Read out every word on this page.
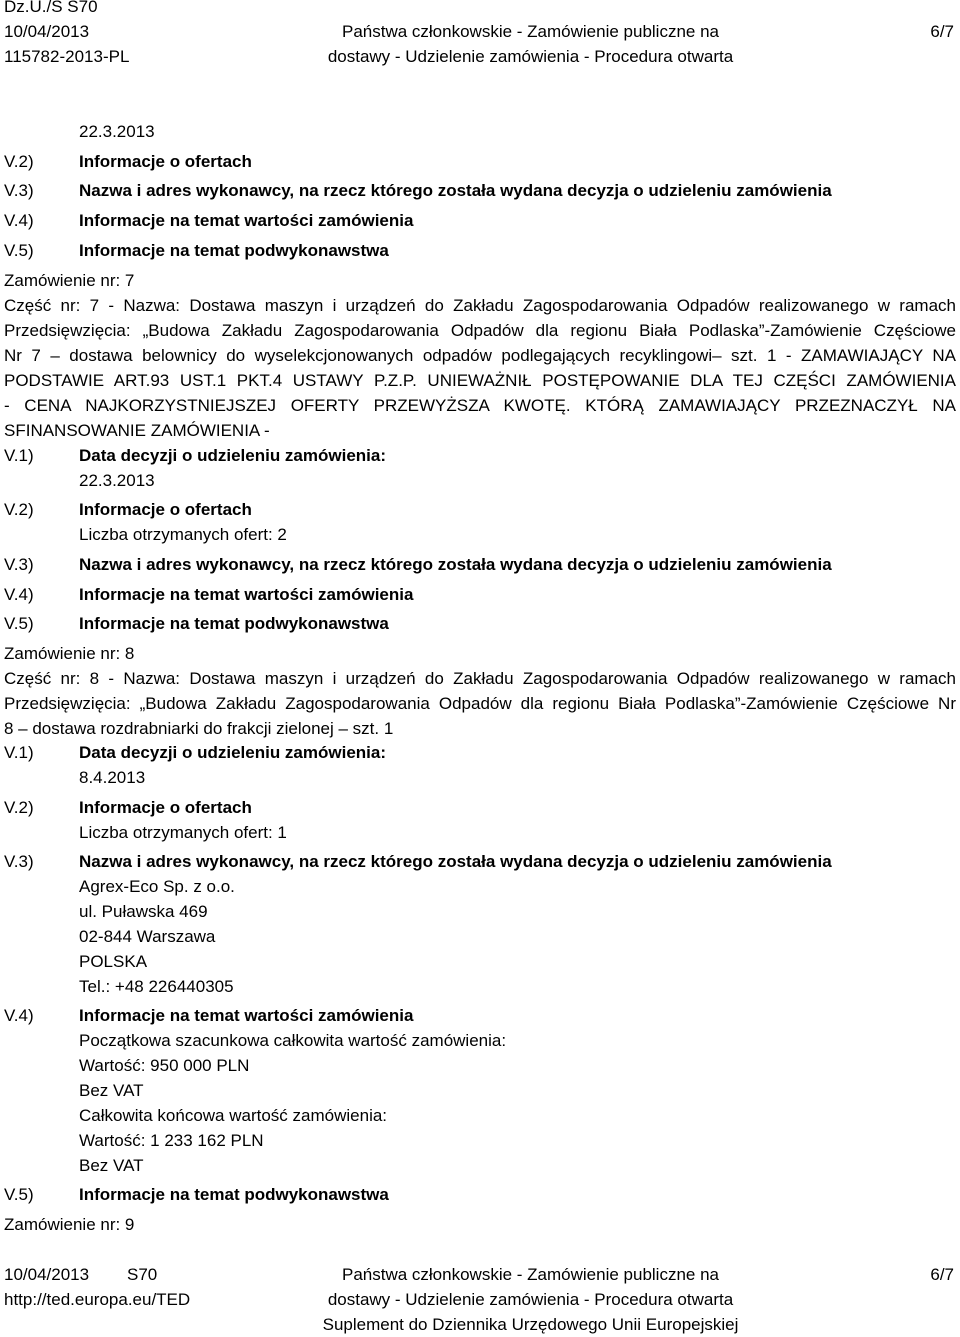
Dz.U./S S70
10/04/2013
115782-2013-PL
Państwa członkowskie - Zamówienie publiczne na
dostawy - Udzielenie zamówienia - Procedura otwarta
6/7
22.3.2013
V.2)	Informacje o ofertach
V.3)	Nazwa i adres wykonawcy, na rzecz którego została wydana decyzja o udzieleniu zamówienia
V.4)	Informacje na temat wartości zamówienia
V.5)	Informacje na temat podwykonawstwa
Zamówienie nr: 7
Część nr: 7 - Nazwa: Dostawa maszyn i urządzeń do Zakładu Zagospodarowania Odpadów realizowanego w ramach
Przedsięwzięcia: „Budowa Zakładu Zagospodarowania Odpadów dla regionu Biała Podlaska”-Zamówienie Częściowe
Nr 7 – dostawa belownicy do wyselekcjonowanych odpadów podlegających recyklingowi– szt. 1 - ZAMAWIAJĄCY NA
PODSTAWIE ART.93 UST.1 PKT.4 USTAWY P.Z.P. UNIEWAŻNIŁ POSTĘPOWANIE DLA TEJ CZĘŚCI ZAMÓWIENIA
- CENA NAJKORZYSTNIEJSZEJ OFERTY PRZEWYŻSZA KWOTĘ. KTÓRĄ ZAMAWIAJĄCY PRZEZNACZYŁ NA
SFINANSOWANIE ZAMÓWIENIA -
V.1)	Data decyzji o udzieleniu zamówienia:
22.3.2013
V.2)	Informacje o ofertach
Liczba otrzymanych ofert: 2
V.3)	Nazwa i adres wykonawcy, na rzecz którego została wydana decyzja o udzieleniu zamówienia
V.4)	Informacje na temat wartości zamówienia
V.5)	Informacje na temat podwykonawstwa
Zamówienie nr: 8
Część nr: 8 - Nazwa: Dostawa maszyn i urządzeń do Zakładu Zagospodarowania Odpadów realizowanego w ramach
Przedsięwzięcia: „Budowa Zakładu Zagospodarowania Odpadów dla regionu Biała Podlaska”-Zamówienie Częściowe Nr
8 – dostawa rozdrabniarki do frakcji zielonej – szt. 1
V.1)	Data decyzji o udzieleniu zamówienia:
8.4.2013
V.2)	Informacje o ofertach
Liczba otrzymanych ofert: 1
V.3)	Nazwa i adres wykonawcy, na rzecz którego została wydana decyzja o udzieleniu zamówienia
Agrex-Eco Sp. z o.o.
ul. Puławska 469
02-844 Warszawa
POLSKA
Tel.: +48 226440305
V.4)	Informacje na temat wartości zamówienia
Początkowa szacunkowa całkowita wartość zamówienia:
Wartość: 950 000 PLN
Bez VAT
Całkowita końcowa wartość zamówienia:
Wartość: 1 233 162 PLN
Bez VAT
V.5)	Informacje na temat podwykonawstwa
Zamówienie nr: 9
10/04/2013 S70
http://ted.europa.eu/TED
Państwa członkowskie - Zamówienie publiczne na
dostawy - Udzielenie zamówienia - Procedura otwarta
Suplement do Dziennika Urzędowego Unii Europejskiej
6/7
